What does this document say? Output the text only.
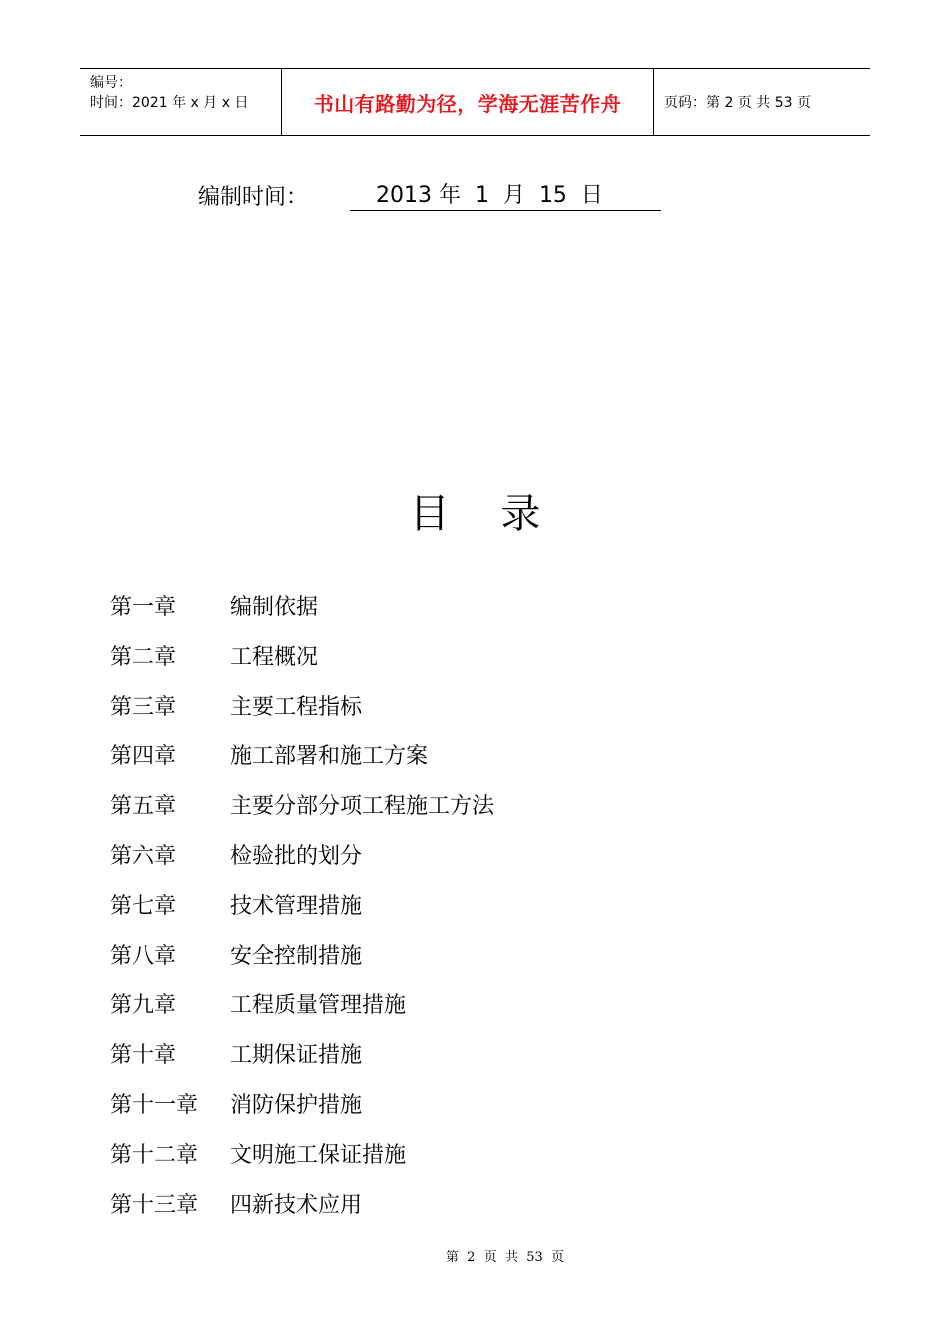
编号：
时间：2021 年 x 月 x 日	书山有路勤为径，学海无涯苦作舟	页码：第 2 页 共 53 页
编制时间：	2013 年  1  月  15  日
目    录
第一章	编制依据
第二章	工程概况
第三章	主要工程指标
第四章	施工部署和施工方案
第五章	主要分部分项工程施工方法
第六章	检验批的划分
第七章	技术管理措施
第八章	安全控制措施
第九章	工程质量管理措施
第十章	工期保证措施
第十一章	消防保护措施
第十二章	文明施工保证措施
第十三章	四新技术应用
第  2  页  共  53  页
